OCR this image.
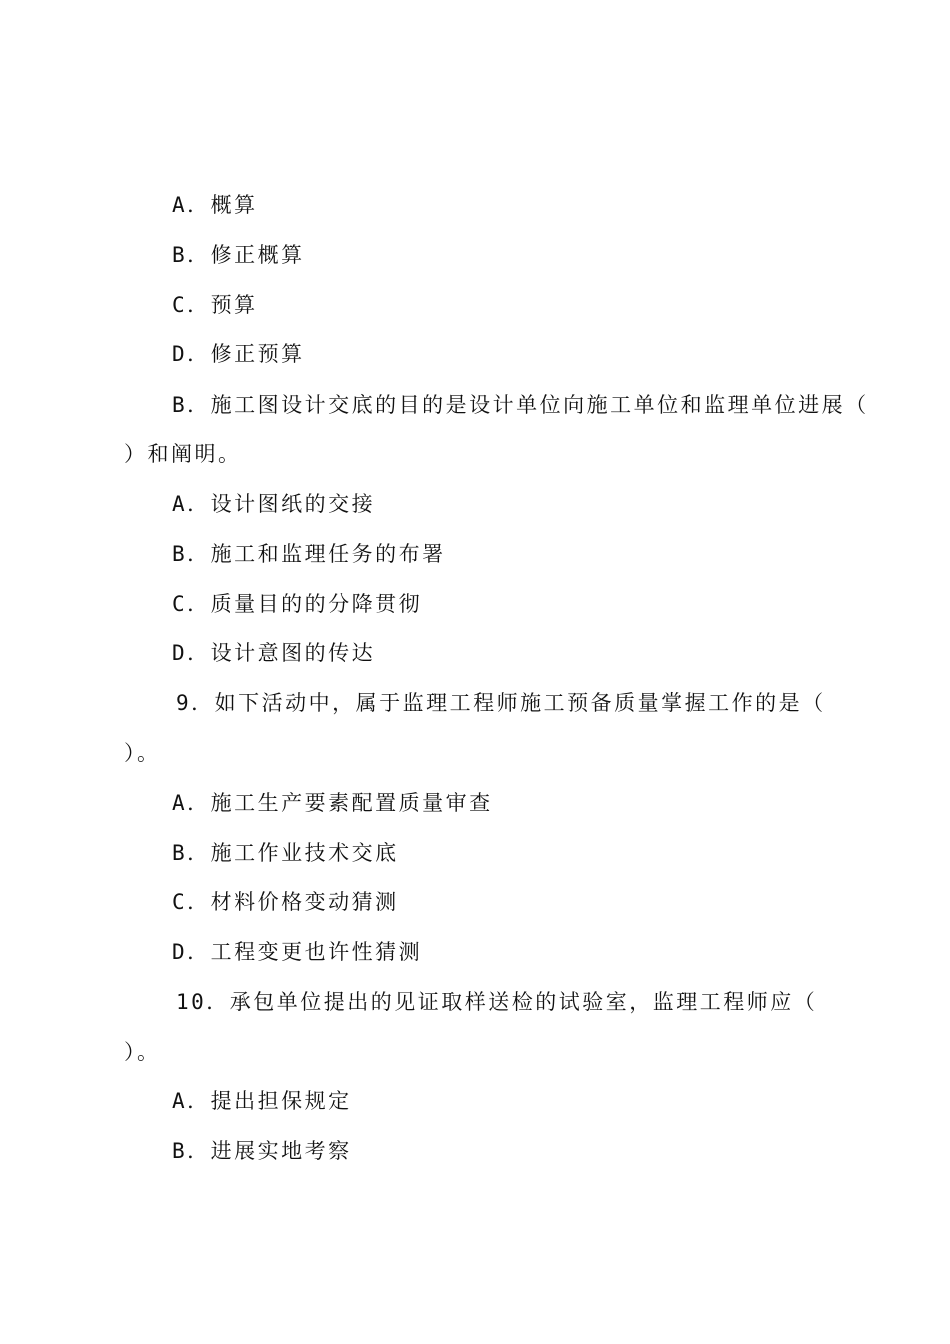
A．概算
B．修正概算
C．预算
D．修正预算
B．施工图设计交底的目的是设计单位向施工单位和监理单位进展（
）和阐明。
A．设计图纸的交接
B．施工和监理任务的布署
C．质量目的的分降贯彻
D．设计意图的传达
9．如下活动中，属于监理工程师施工预备质量掌握工作的是（
）。
A．施工生产要素配置质量审查
B．施工作业技术交底
C．材料价格变动猜测
D．工程变更也许性猜测
10．承包单位提出的见证取样送检的试验室，监理工程师应（
）。
A．提出担保规定
B．进展实地考察
